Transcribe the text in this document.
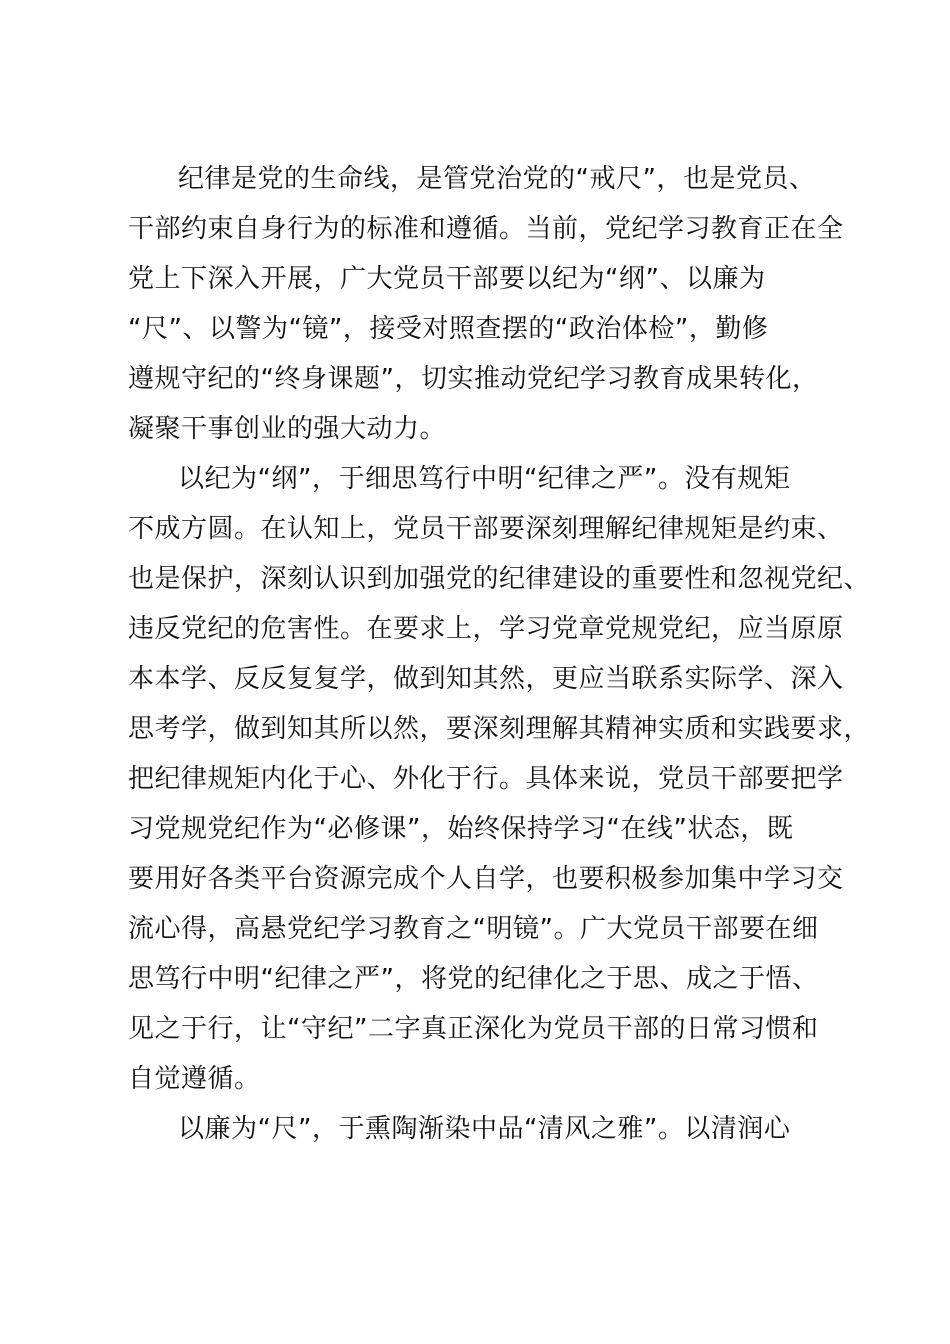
纪律是党的生命线，是管党治党的“戒尺”，也是党员、
干部约束自身行为的标准和遵循。当前，党纪学习教育正在全
党上下深入开展，广大党员干部要以纪为“纲”、以廉为
“尺”、以警为“镜”，接受对照查摆的“政治体检”，勤修
遵规守纪的“终身课题”，切实推动党纪学习教育成果转化，
凝聚干事创业的强大动力。
以纪为“纲”，于细思笃行中明“纪律之严”。没有规矩
不成方圆。在认知上，党员干部要深刻理解纪律规矩是约束、
也是保护，深刻认识到加强党的纪律建设的重要性和忽视党纪、
违反党纪的危害性。在要求上，学习党章党规党纪，应当原原
本本学、反反复复学，做到知其然，更应当联系实际学、深入
思考学，做到知其所以然，要深刻理解其精神实质和实践要求，
把纪律规矩内化于心、外化于行。具体来说，党员干部要把学
习党规党纪作为“必修课”，始终保持学习“在线”状态，既
要用好各类平台资源完成个人自学，也要积极参加集中学习交
流心得，高悬党纪学习教育之“明镜”。广大党员干部要在细
思笃行中明“纪律之严”，将党的纪律化之于思、成之于悟、
见之于行，让“守纪”二字真正深化为党员干部的日常习惯和
自觉遵循。
以廉为“尺”，于熏陶渐染中品“清风之雅”。以清润心
